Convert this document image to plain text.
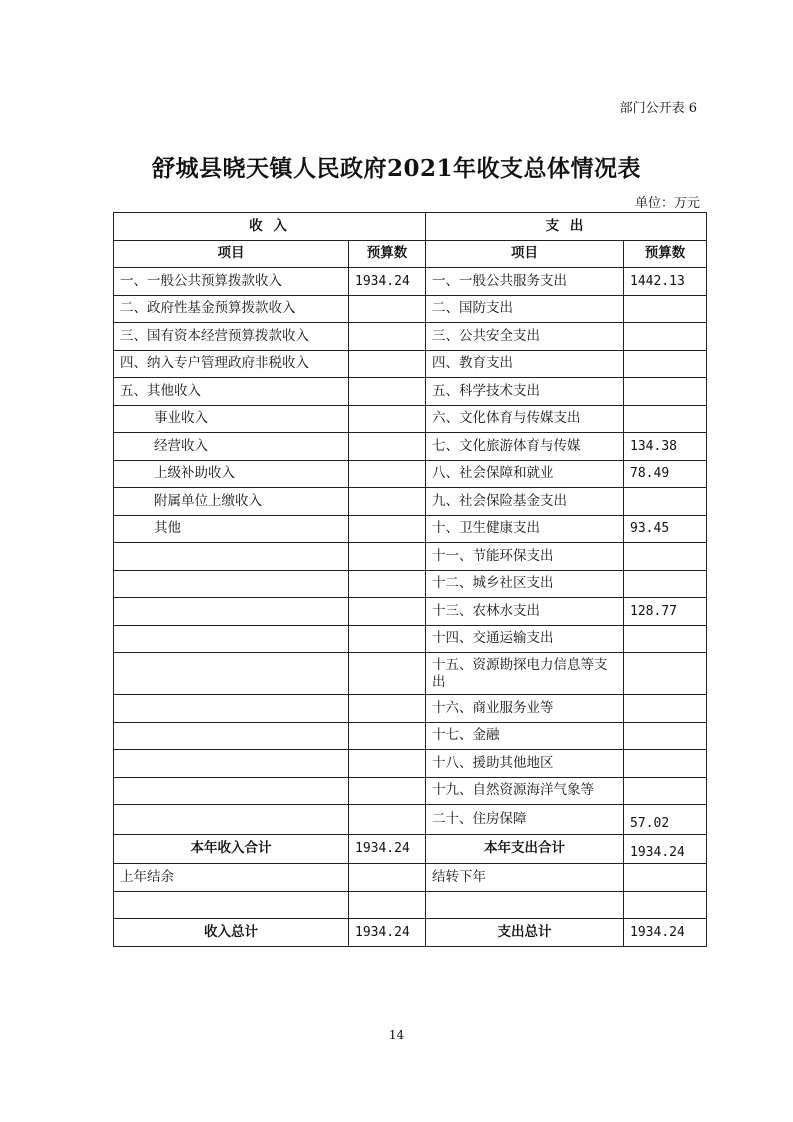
部门公开表 6
舒城县晓天镇人民政府2021年收支总体情况表
单位：万元
收 入		支 出	
项目	预算数	项目	预算数
一、一般公共预算拨款收入	1934.24	一、一般公共服务支出	1442.13
二、政府性基金预算拨款收入		二、国防支出	
三、国有资本经营预算拨款收入		三、公共安全支出	
四、纳入专户管理政府非税收入		四、教育支出	
五、其他收入		五、科学技术支出	
事业收入		六、文化体育与传媒支出	
经营收入		七、文化旅游体育与传媒	134.38
上级补助收入		八、社会保障和就业	78.49
附属单位上缴收入		九、社会保险基金支出	
其他		十、卫生健康支出	93.45
		十一、节能环保支出	
		十二、城乡社区支出	
		十三、农林水支出	128.77
		十四、交通运输支出	
		十五、资源勘探电力信息等支出	
		十六、商业服务业等	
		十七、金融	
		十八、援助其他地区	
		十九、自然资源海洋气象等	
		二十、住房保障	57.02
本年收入合计	1934.24	本年支出合计	1934.24
上年结余		结转下年	

收入总计	1934.24	支出总计	1934.24
14
